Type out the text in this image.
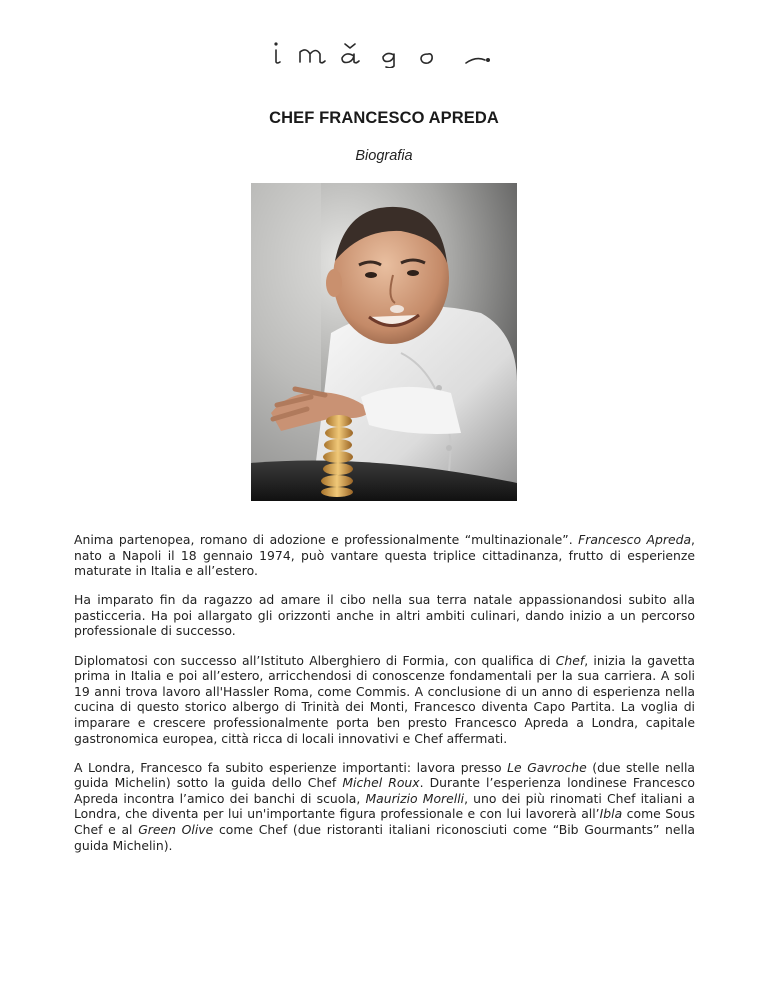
CHEF FRANCESCO APREDA
Biografia

Anima partenopea, romano di adozione e professionalmente “multinazionale”. Francesco Apreda, nato a Napoli il 18 gennaio 1974, può vantare questa triplice cittadinanza, frutto di esperienze maturate in Italia e all’estero.

Ha imparato fin da ragazzo ad amare il cibo nella sua terra natale appassionandosi subito alla pasticceria. Ha poi allargato gli orizzonti anche in altri ambiti culinari, dando inizio a un percorso professionale di successo.

Diplomatosi con successo all’Istituto Alberghiero di Formia, con qualifica di Chef, inizia la gavetta prima in Italia e poi all’estero, arricchendosi di conoscenze fondamentali per la sua carriera. A soli 19 anni trova lavoro all'Hassler Roma, come Commis. A conclusione di un anno di esperienza nella cucina di questo storico albergo di Trinità dei Monti, Francesco diventa Capo Partita. La voglia di imparare e crescere professionalmente porta ben presto Francesco Apreda a Londra, capitale gastronomica europea, città ricca di locali innovativi e Chef affermati.

A Londra, Francesco fa subito esperienze importanti: lavora presso Le Gavroche (due stelle nella guida Michelin) sotto la guida dello Chef Michel Roux. Durante l’esperienza londinese Francesco Apreda incontra l’amico dei banchi di scuola, Maurizio Morelli, uno dei più rinomati Chef italiani a Londra, che diventa per lui un'importante figura professionale e con lui lavorerà all’Ibla come Sous Chef e al Green Olive come Chef (due ristoranti italiani riconosciuti come “Bib Gourmants” nella guida Michelin).
